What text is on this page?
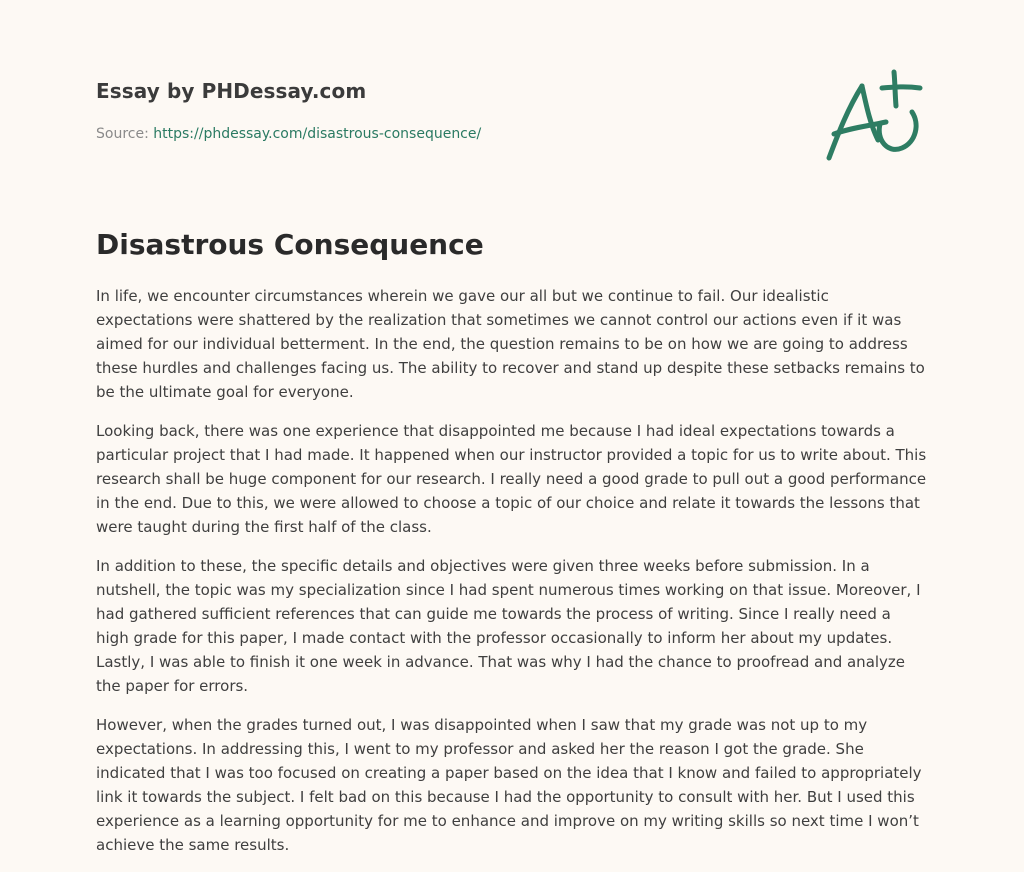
Essay by PHDessay.com

Source: https://phdessay.com/disastrous-consequence/

Disastrous Consequence

In life, we encounter circumstances wherein we gave our all but we continue to fail. Our idealistic expectations were shattered by the realization that sometimes we cannot control our actions even if it was aimed for our individual betterment. In the end, the question remains to be on how we are going to address these hurdles and challenges facing us. The ability to recover and stand up despite these setbacks remains to be the ultimate goal for everyone.

Looking back, there was one experience that disappointed me because I had ideal expectations towards a particular project that I had made. It happened when our instructor provided a topic for us to write about. This research shall be huge component for our research. I really need a good grade to pull out a good performance in the end. Due to this, we were allowed to choose a topic of our choice and relate it towards the lessons that were taught during the first half of the class.

In addition to these, the specific details and objectives were given three weeks before submission. In a nutshell, the topic was my specialization since I had spent numerous times working on that issue. Moreover, I had gathered sufficient references that can guide me towards the process of writing. Since I really need a high grade for this paper, I made contact with the professor occasionally to inform her about my updates. Lastly, I was able to finish it one week in advance. That was why I had the chance to proofread and analyze the paper for errors.

However, when the grades turned out, I was disappointed when I saw that my grade was not up to my expectations. In addressing this, I went to my professor and asked her the reason I got the grade. She indicated that I was too focused on creating a paper based on the idea that I know and failed to appropriately link it towards the subject. I felt bad on this because I had the opportunity to consult with her. But I used this experience as a learning opportunity for me to enhance and improve on my writing skills so next time I won’t achieve the same results.
